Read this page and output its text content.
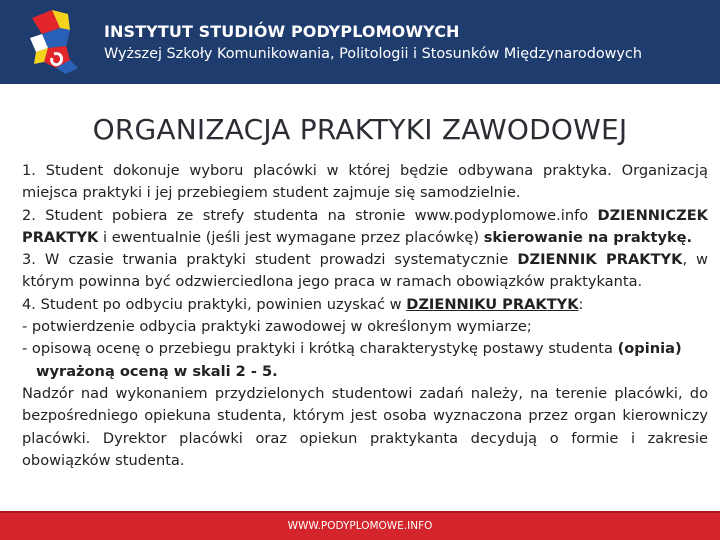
INSTYTUT STUDIÓW PODYPLOMOWYCH
Wyższej Szkoły Komunikowania, Politologii i Stosunków Międzynarodowych
ORGANIZACJA PRAKTYKI ZAWODOWEJ

1. Student dokonuje wyboru placówki w której będzie odbywana praktyka. Organizacją miejsca praktyki i jej przebiegiem student zajmuje się samodzielnie.

2. Student pobiera ze strefy studenta na stronie www.podyplomowe.info DZIENNICZEK PRAKTYK i ewentualnie (jeśli jest wymagane przez placówkę) skierowanie na praktykę.

3. W czasie trwania praktyki student prowadzi systematycznie DZIENNIK PRAKTYK, w którym powinna być odzwierciedlona jego praca w ramach obowiązków praktykanta.

4. Student po odbyciu praktyki, powinien uzyskać w DZIENNIKU PRAKTYK:

- potwierdzenie odbycia praktyki zawodowej w określonym wymiarze;

- opisową ocenę o przebiegu praktyki i krótką charakterystykę postawy studenta (opinia)

wyrażoną oceną w skali 2 - 5.

Nadzór nad wykonaniem przydzielonych studentowi zadań należy, na terenie placówki, do bezpośredniego opiekuna studenta, którym jest osoba wyznaczona przez organ kierowniczy placówki. Dyrektor placówki oraz opiekun praktykanta decydują o formie i zakresie obowiązków studenta.

WWW.PODYPLOMOWE.INFO
